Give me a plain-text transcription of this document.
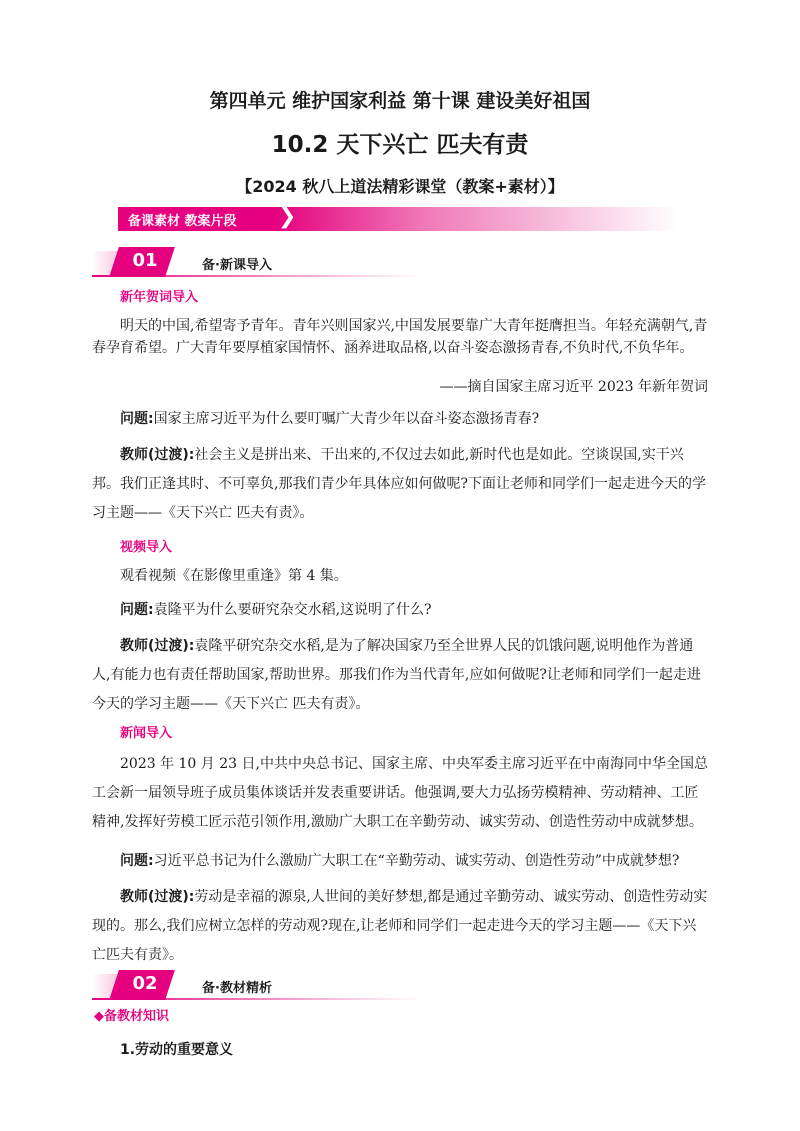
第四单元 维护国家利益 第十课 建设美好祖国
10.2 天下兴亡 匹夫有责
【2024 秋八上道法精彩课堂（教案+素材）】
备课素材 教案片段 ❯
01	备·新课导入
新年贺词导入
明天的中国,希望寄予青年。青年兴则国家兴,中国发展要靠广大青年挺膺担当。年轻充满朝气,青春孕育希望。广大青年要厚植家国情怀、涵养进取品格,以奋斗姿态激扬青春,不负时代,不负华年。
——摘自国家主席习近平 2023 年新年贺词
问题:国家主席习近平为什么要叮嘱广大青少年以奋斗姿态激扬青春?
教师(过渡):社会主义是拼出来、干出来的,不仅过去如此,新时代也是如此。空谈误国,实干兴邦。我们正逢其时、不可辜负,那我们青少年具体应如何做呢?下面让老师和同学们一起走进今天的学习主题——《天下兴亡 匹夫有责》。
视频导入
观看视频《在影像里重逢》第 4 集。
问题:袁隆平为什么要研究杂交水稻,这说明了什么?
教师(过渡):袁隆平研究杂交水稻,是为了解决国家乃至全世界人民的饥饿问题,说明他作为普通人,有能力也有责任帮助国家,帮助世界。那我们作为当代青年,应如何做呢?让老师和同学们一起走进今天的学习主题——《天下兴亡 匹夫有责》。
新闻导入
2023 年 10 月 23 日,中共中央总书记、国家主席、中央军委主席习近平在中南海同中华全国总工会新一届领导班子成员集体谈话并发表重要讲话。他强调,要大力弘扬劳模精神、劳动精神、工匠精神,发挥好劳模工匠示范引领作用,激励广大职工在辛勤劳动、诚实劳动、创造性劳动中成就梦想。
问题:习近平总书记为什么激励广大职工在“辛勤劳动、诚实劳动、创造性劳动”中成就梦想?
教师(过渡):劳动是幸福的源泉,人世间的美好梦想,都是通过辛勤劳动、诚实劳动、创造性劳动实现的。那么,我们应树立怎样的劳动观?现在,让老师和同学们一起走进今天的学习主题——《天下兴亡匹夫有责》。
02	备·教材精析
◆备教材知识
1.劳动的重要意义
